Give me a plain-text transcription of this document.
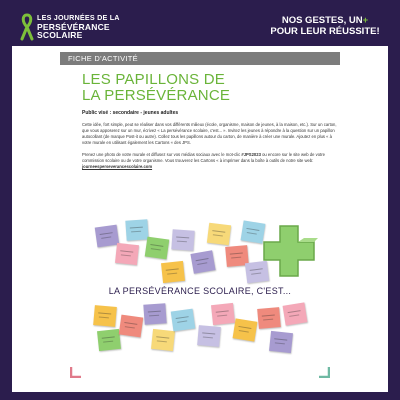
LES JOURNÉES DE LA
PERSÉVÉRANCE
SCOLAIRE
NOS GESTES, UN+
POUR LEUR RÉUSSITE!
FICHE D'ACTIVITÉ
LES PAPILLONS DE
LA PERSÉVÉRANCE
Public visé : secondaire - jeunes adultes
Cette idée, fort simple, peut se réaliser dans vos différents milieux (école, organisme, maison de jeunes, à la maison, etc.). Sur un carton, que vous apposerez sur un mur, écrivez « La persévérance scolaire, c'est... ». Invitez les jeunes à répondre à la question sur un papillon autocollant (de marque Post-it ou autre). Collez tous les papillons autour du carton, de manière à créer une murale. Ajoutez en plus « à votre murale en utilisant également les Cartons « des JPS.
Prenez une photo de votre murale et diffusez sur vos médias sociaux avec le mot-clic #JPS2023 ou encore sur le site web de votre commission scolaire ou de votre organisme. Vous trouverez les Cartons « à imprimer dans la boîte à outils de notre site web: journeesperseverancescolaire.com
LA PERSÉVÉRANCE SCOLAIRE, C'EST...
